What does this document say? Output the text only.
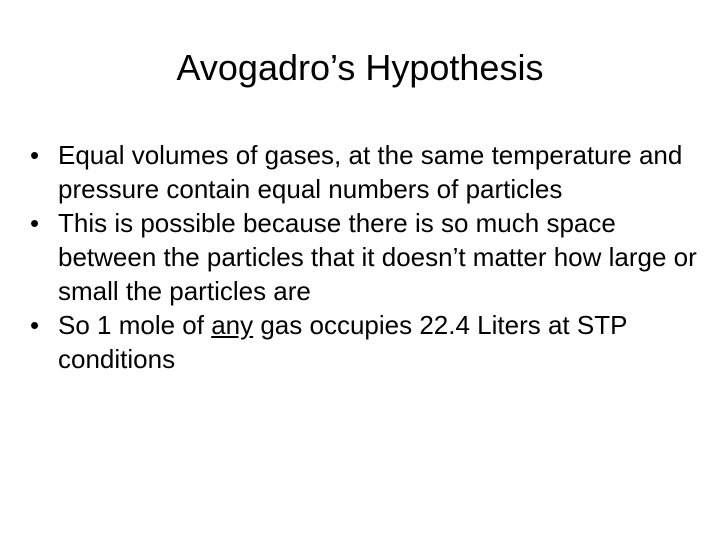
Avogadro’s Hypothesis
• Equal volumes of gases, at the same temperature and pressure contain equal numbers of particles
• This is possible because there is so much space between the particles that it doesn’t matter how large or small the particles are
• So 1 mole of any gas occupies 22.4 Liters at STP conditions
